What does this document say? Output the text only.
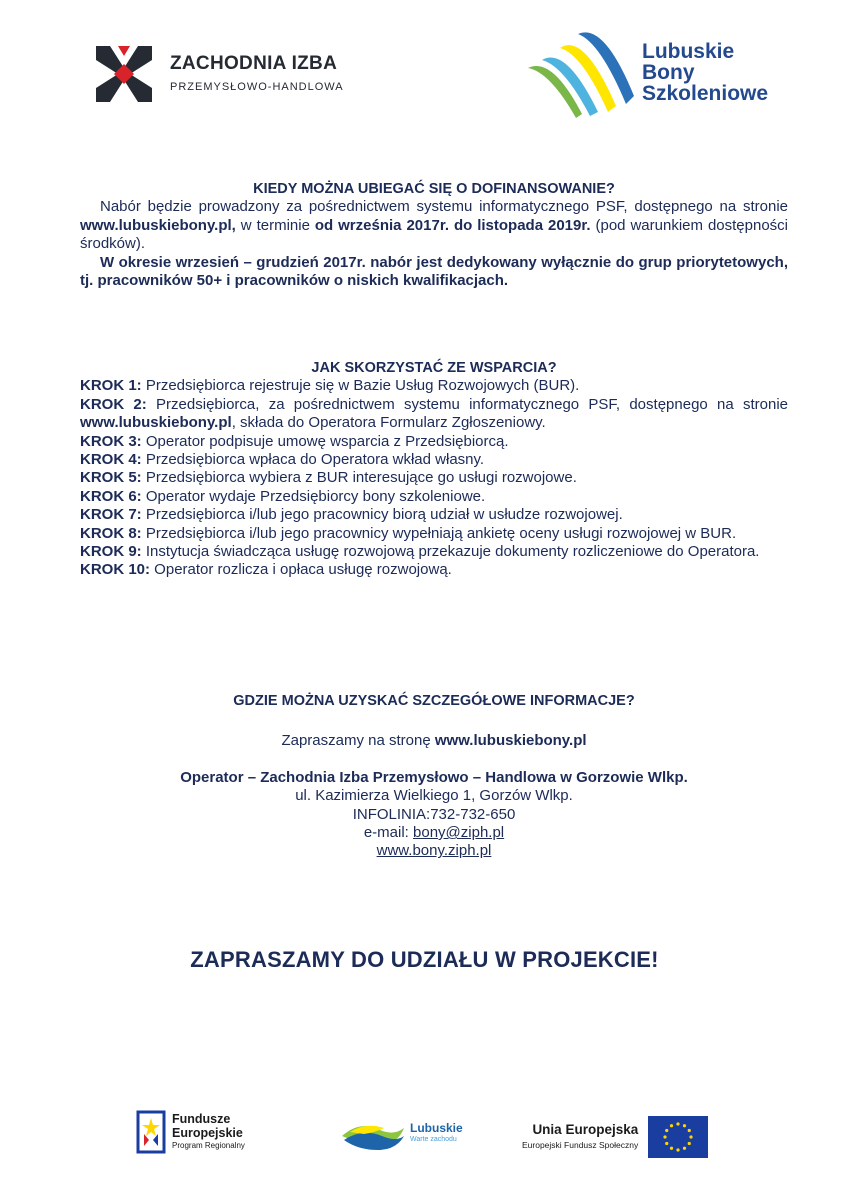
ZACHODNIA IZBA
PRZEMYSŁOWO-HANDLOWA
Lubuskie
Bony
Szkoleniowe

KIEDY MOŻNA UBIEGAĆ SIĘ O DOFINANSOWANIE?

Nabór będzie prowadzony za pośrednictwem systemu informatycznego PSF, dostępnego na stronie www.lubuskiebony.pl, w terminie od września 2017r. do listopada 2019r. (pod warunkiem dostępności środków).

W okresie wrzesień – grudzień 2017r. nabór jest dedykowany wyłącznie do grup priorytetowych, tj. pracowników 50+ i pracowników o niskich kwalifikacjach.

JAK SKORZYSTAĆ ZE WSPARCIA?

KROK 1: Przedsiębiorca rejestruje się w Bazie Usług Rozwojowych (BUR).

KROK 2: Przedsiębiorca, za pośrednictwem systemu informatycznego PSF, dostępnego na stronie www.lubuskiebony.pl, składa do Operatora Formularz Zgłoszeniowy.

KROK 3: Operator podpisuje umowę wsparcia z Przedsiębiorcą.

KROK 4: Przedsiębiorca wpłaca do Operatora wkład własny.

KROK 5: Przedsiębiorca wybiera z BUR interesujące go usługi rozwojowe.

KROK 6: Operator wydaje Przedsiębiorcy bony szkoleniowe.

KROK 7: Przedsiębiorca i/lub jego pracownicy biorą udział w usłudze rozwojowej.

KROK 8: Przedsiębiorca i/lub jego pracownicy wypełniają ankietę oceny usługi rozwojowej w BUR.

KROK 9: Instytucja świadcząca usługę rozwojową przekazuje dokumenty rozliczeniowe do Operatora.

KROK 10: Operator rozlicza i opłaca usługę rozwojową.

GDZIE MOŻNA UZYSKAĆ SZCZEGÓŁOWE INFORMACJE?

Zapraszamy na stronę www.lubuskiebony.pl

Operator – Zachodnia Izba Przemysłowo – Handlowa w Gorzowie Wlkp.

ul. Kazimierza Wielkiego 1, Gorzów Wlkp.

INFOLINIA:732-732-650

e-mail: bony@ziph.pl

www.bony.ziph.pl

ZAPRASZAMY DO UDZIAŁU W PROJEKCIE!
Fundusze
Europejskie
Program Regionalny
Lubuskie
Warte zachodu
Unia Europejska
Europejski Fundusz Społeczny
